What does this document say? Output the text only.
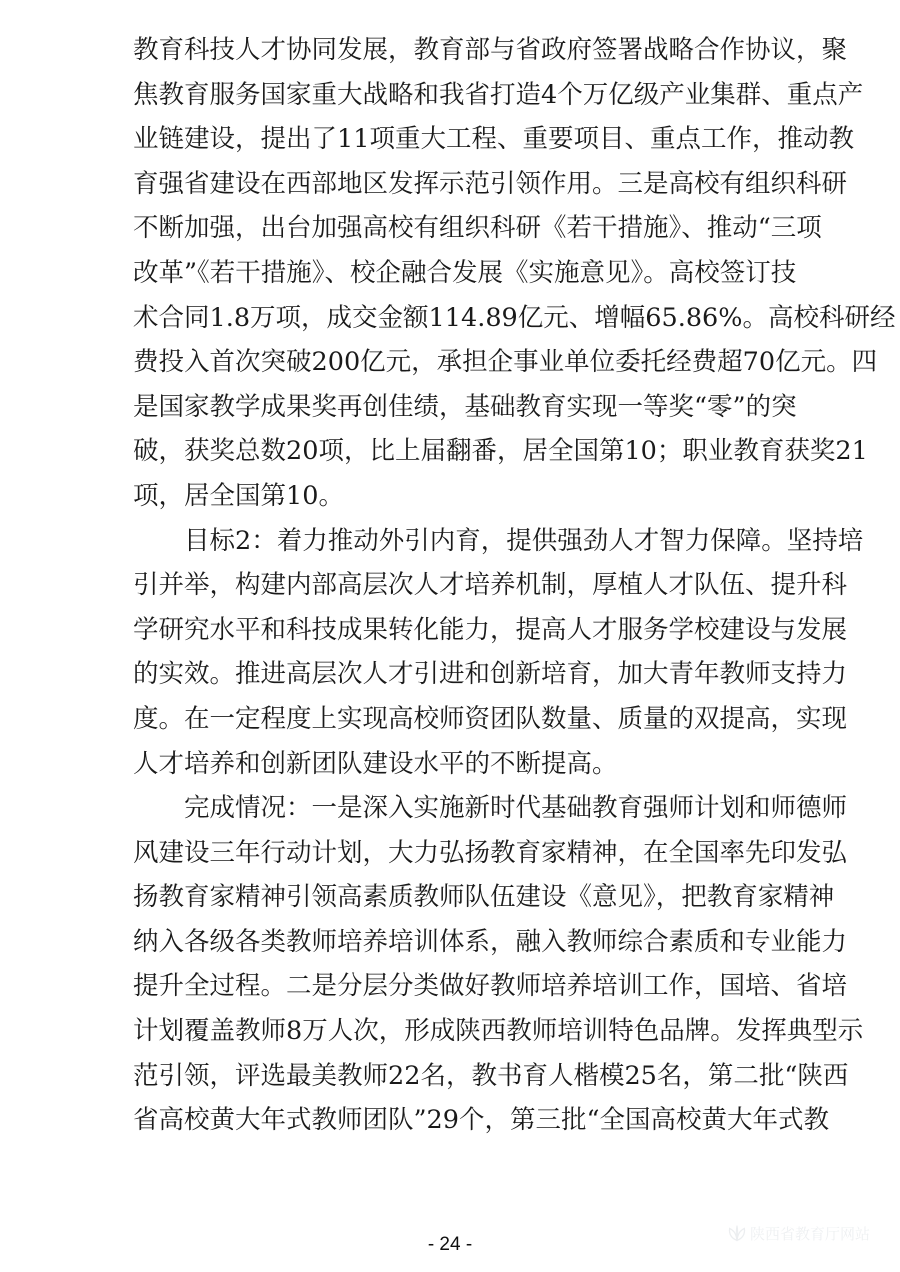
教育科技人才协同发展，教育部与省政府签署战略合作协议，聚
焦教育服务国家重大战略和我省打造4个万亿级产业集群、重点产
业链建设，提出了11项重大工程、重要项目、重点工作，推动教
育强省建设在西部地区发挥示范引领作用。三是高校有组织科研
不断加强，出台加强高校有组织科研《若干措施》、推动“三项
改革”《若干措施》、校企融合发展《实施意见》。高校签订技
术合同1.8万项，成交金额114.89亿元、增幅65.86%。高校科研经
费投入首次突破200亿元，承担企事业单位委托经费超70亿元。四
是国家教学成果奖再创佳绩，基础教育实现一等奖“零”的突
破，获奖总数20项，比上届翻番，居全国第10；职业教育获奖21
项，居全国第10。
　　目标2：着力推动外引内育，提供强劲人才智力保障。坚持培
引并举，构建内部高层次人才培养机制，厚植人才队伍、提升科
学研究水平和科技成果转化能力，提高人才服务学校建设与发展
的实效。推进高层次人才引进和创新培育，加大青年教师支持力
度。在一定程度上实现高校师资团队数量、质量的双提高，实现
人才培养和创新团队建设水平的不断提高。
　　完成情况：一是深入实施新时代基础教育强师计划和师德师
风建设三年行动计划，大力弘扬教育家精神，在全国率先印发弘
扬教育家精神引领高素质教师队伍建设《意见》，把教育家精神
纳入各级各类教师培养培训体系，融入教师综合素质和专业能力
提升全过程。二是分层分类做好教师培养培训工作，国培、省培
计划覆盖教师8万人次，形成陕西教师培训特色品牌。发挥典型示
范引领，评选最美教师22名，教书育人楷模25名，第二批“陕西
省高校黄大年式教师团队”29个，第三批“全国高校黄大年式教
- 24 -
陕西省教育厅网站
